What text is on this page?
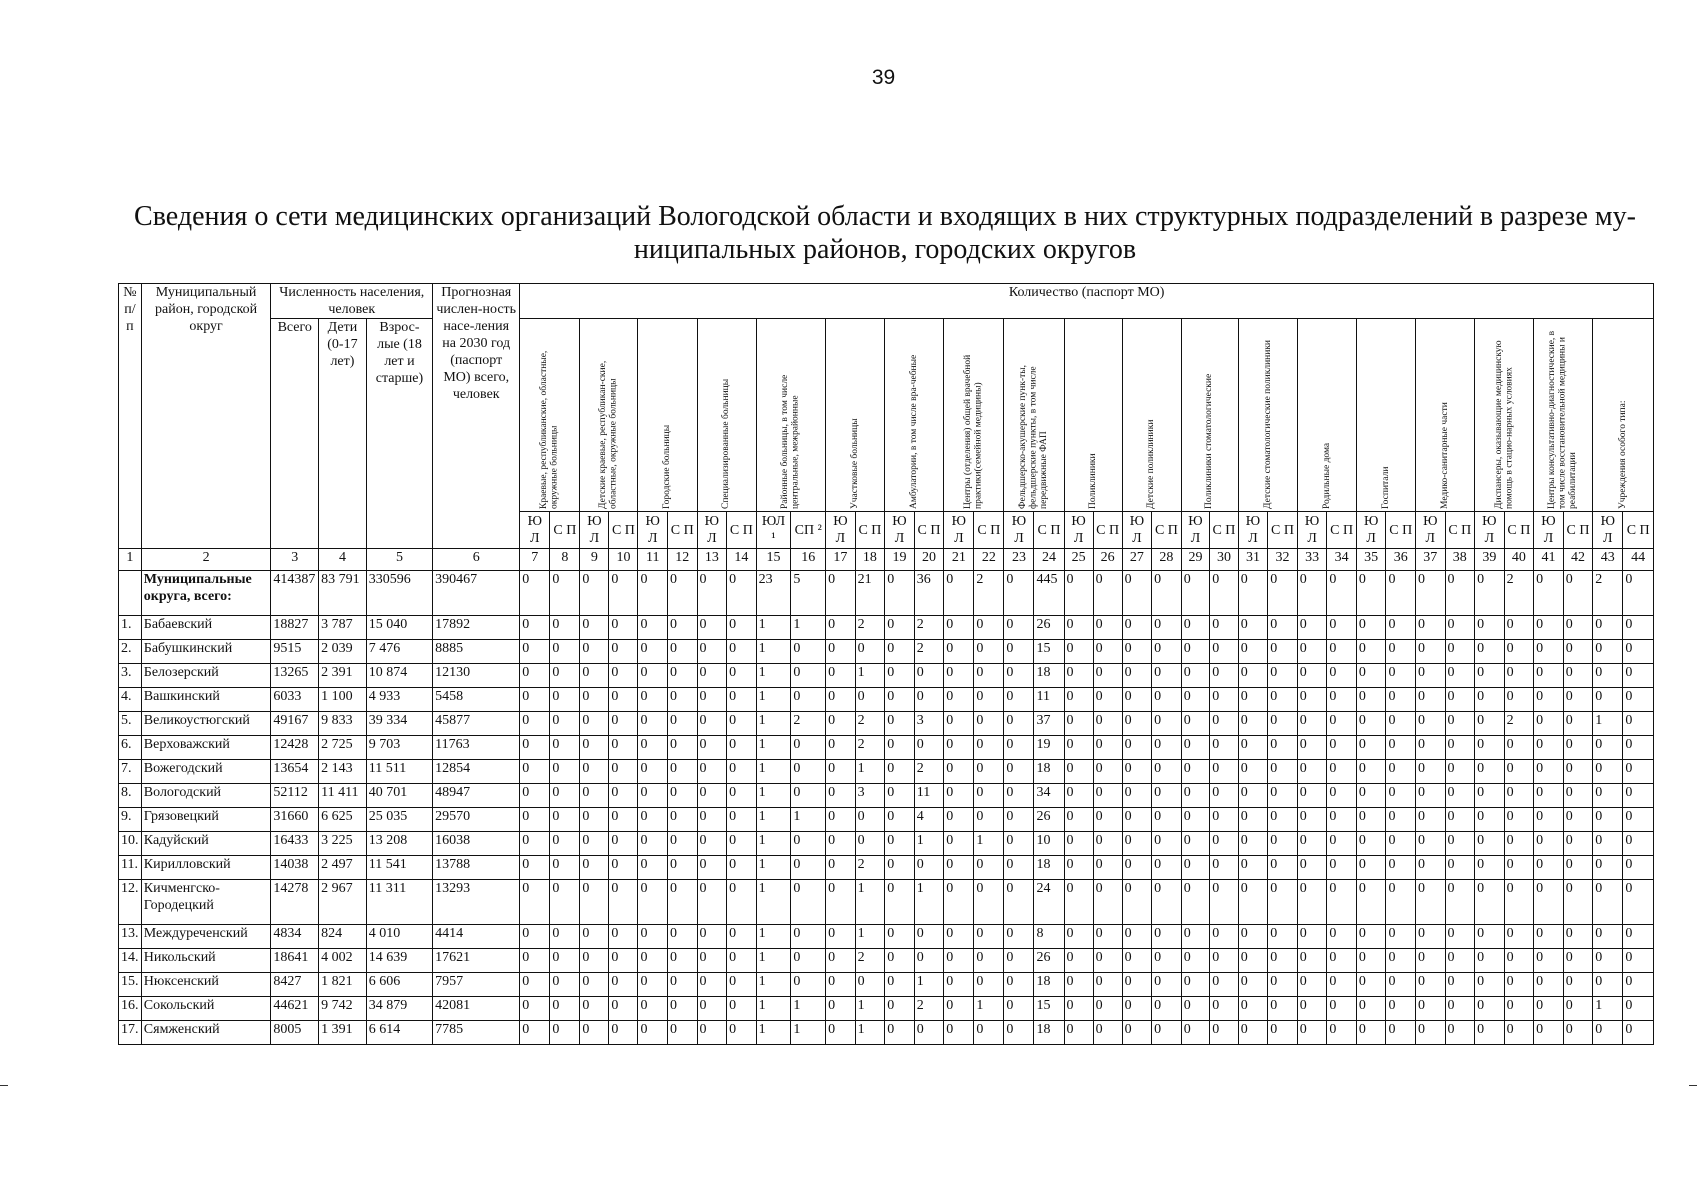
39
Сведения о сети медицинских организаций Вологодской области и входящих в них структурных подразделений в разрезе му-ниципальных районов, городских округов
№ п/п	Муниципальный район, городской округ	Численность населения, человек			Прогнозная числен-ность насе-ления на 2030 год (паспорт МО) всего, человек	Количество (паспорт МО)																																					
		Всего	Дети (0-17 лет)	Взрос-лые (18 лет и старше)		Краевые, республиканские, областные, окружные больницы		Детские краевые, республикан-ские, областные, окружные больницы		Городские больницы		Специализированные больницы		Районные больницы, в том числе центральные, межрайонные		Участковые больницы		Амбулатории, в том числе вра-чебные		Центры (отделения) общей врачебной практики(семейной медицины)		Фельдшерско-акушерские пунк-ты, фельдшерские пункты, в том числе передвижные ФАП		Поликлиники		Детские поликлиники		Поликлиники стоматологические		Детские стоматологические поликлиники		Родильные дома		Госпитали		Медико-санитарные части		Диспансеры, оказывающие медицинскую помощь в стацио-нарных условиях		Центры консультативно-диагностические, в том числе восстановительной медицины и реабилитации		Учреждения особого типа:	

						Ю Л	С П	Ю Л	С П	Ю Л	С П	Ю Л	С П	ЮЛ ¹	СП ²	Ю Л	С П	Ю Л	С П	Ю Л	С П	Ю Л	С П	Ю Л	С П	Ю Л	С П	Ю Л	С П	Ю Л	С П	Ю Л	С П	Ю Л	С П	Ю Л	С П	Ю Л	С П	Ю Л	С П	Ю Л	С П
1	2	3	4	5	6	7	8	9	10	11	12	13	14	15	16	17	18	19	20	21	22	23	24	25	26	27	28	29	30	31	32	33	34	35	36	37	38	39	40	41	42	43	44
	Муниципальные округа, всего:	414387	83 791	330596	390467	0	0	0	0	0	0	0	0	23	5	0	21	0	36	0	2	0	445	0	0	0	0	0	0	0	0	0	0	0	0	0	0	0	2	0	0	2	0
1.	Бабаевский	18827	3 787	15 040	17892	0	0	0	0	0	0	0	0	1	1	0	2	0	2	0	0	0	26	0	0	0	0	0	0	0	0	0	0	0	0	0	0	0	0	0	0	0	0
2.	Бабушкинский	9515	2 039	7 476	8885	0	0	0	0	0	0	0	0	1	0	0	0	0	2	0	0	0	15	0	0	0	0	0	0	0	0	0	0	0	0	0	0	0	0	0	0	0	0
3.	Белозерский	13265	2 391	10 874	12130	0	0	0	0	0	0	0	0	1	0	0	1	0	0	0	0	0	18	0	0	0	0	0	0	0	0	0	0	0	0	0	0	0	0	0	0	0	0
4.	Вашкинский	6033	1 100	4 933	5458	0	0	0	0	0	0	0	0	1	0	0	0	0	0	0	0	0	11	0	0	0	0	0	0	0	0	0	0	0	0	0	0	0	0	0	0	0	0
5.	Великоустюгский	49167	9 833	39 334	45877	0	0	0	0	0	0	0	0	1	2	0	2	0	3	0	0	0	37	0	0	0	0	0	0	0	0	0	0	0	0	0	0	0	2	0	0	1	0
6.	Верховажский	12428	2 725	9 703	11763	0	0	0	0	0	0	0	0	1	0	0	2	0	0	0	0	0	19	0	0	0	0	0	0	0	0	0	0	0	0	0	0	0	0	0	0	0	0
7.	Вожегодский	13654	2 143	11 511	12854	0	0	0	0	0	0	0	0	1	0	0	1	0	2	0	0	0	18	0	0	0	0	0	0	0	0	0	0	0	0	0	0	0	0	0	0	0	0
8.	Вологодский	52112	11 411	40 701	48947	0	0	0	0	0	0	0	0	1	0	0	3	0	11	0	0	0	34	0	0	0	0	0	0	0	0	0	0	0	0	0	0	0	0	0	0	0	0
9.	Грязовецкий	31660	6 625	25 035	29570	0	0	0	0	0	0	0	0	1	1	0	0	0	4	0	0	0	26	0	0	0	0	0	0	0	0	0	0	0	0	0	0	0	0	0	0	0	0
10.	Кадуйский	16433	3 225	13 208	16038	0	0	0	0	0	0	0	0	1	0	0	0	0	1	0	1	0	10	0	0	0	0	0	0	0	0	0	0	0	0	0	0	0	0	0	0	0	0
11.	Кирилловский	14038	2 497	11 541	13788	0	0	0	0	0	0	0	0	1	0	0	2	0	0	0	0	0	18	0	0	0	0	0	0	0	0	0	0	0	0	0	0	0	0	0	0	0	0
12.	Кичменгско-Городецкий	14278	2 967	11 311	13293	0	0	0	0	0	0	0	0	1	0	0	1	0	1	0	0	0	24	0	0	0	0	0	0	0	0	0	0	0	0	0	0	0	0	0	0	0	0
13.	Междуреченский	4834	824	4 010	4414	0	0	0	0	0	0	0	0	1	0	0	1	0	0	0	0	0	8	0	0	0	0	0	0	0	0	0	0	0	0	0	0	0	0	0	0	0	0
14.	Никольский	18641	4 002	14 639	17621	0	0	0	0	0	0	0	0	1	0	0	2	0	0	0	0	0	26	0	0	0	0	0	0	0	0	0	0	0	0	0	0	0	0	0	0	0	0
15.	Нюксенский	8427	1 821	6 606	7957	0	0	0	0	0	0	0	0	1	0	0	0	0	1	0	0	0	18	0	0	0	0	0	0	0	0	0	0	0	0	0	0	0	0	0	0	0	0
16.	Сокольский	44621	9 742	34 879	42081	0	0	0	0	0	0	0	0	1	1	0	1	0	2	0	1	0	15	0	0	0	0	0	0	0	0	0	0	0	0	0	0	0	0	0	0	1	0
17.	Сямженский	8005	1 391	6 614	7785	0	0	0	0	0	0	0	0	1	1	0	1	0	0	0	0	0	18	0	0	0	0	0	0	0	0	0	0	0	0	0	0	0	0	0	0	0	0
